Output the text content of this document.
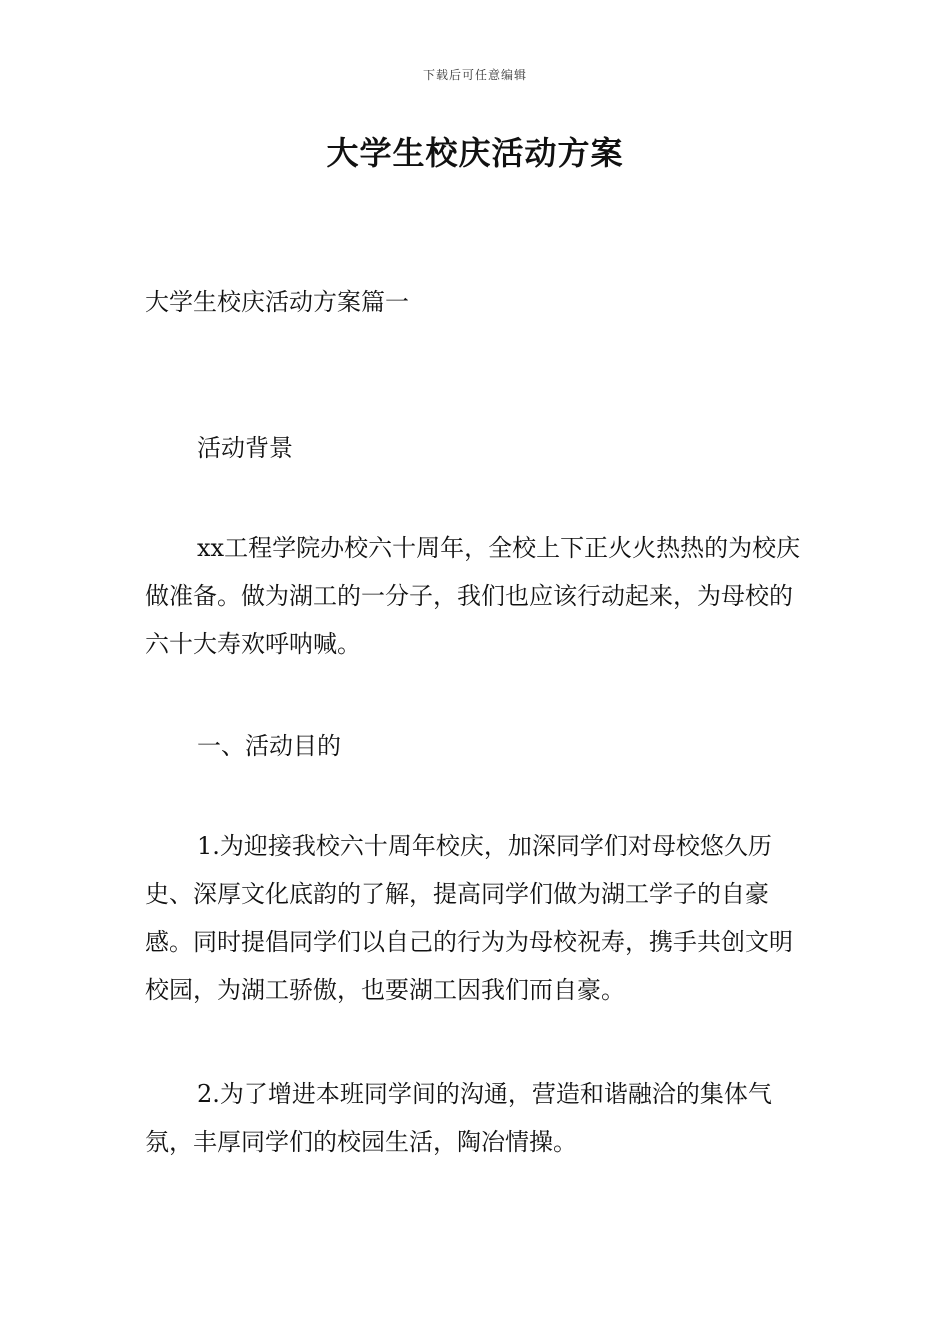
下载后可任意编辑
大学生校庆活动方案

大学生校庆活动方案篇一

活动背景

xx工程学院办校六十周年，全校上下正火火热热的为校庆做准备。做为湖工的一分子，我们也应该行动起来，为母校的六十大寿欢呼呐喊。

一、活动目的

1.为迎接我校六十周年校庆，加深同学们对母校悠久历史、深厚文化底韵的了解，提高同学们做为湖工学子的自豪感。同时提倡同学们以自己的行为为母校祝寿，携手共创文明校园，为湖工骄傲，也要湖工因我们而自豪。

2.为了增进本班同学间的沟通，营造和谐融洽的集体气氛，丰厚同学们的校园生活，陶冶情操。
